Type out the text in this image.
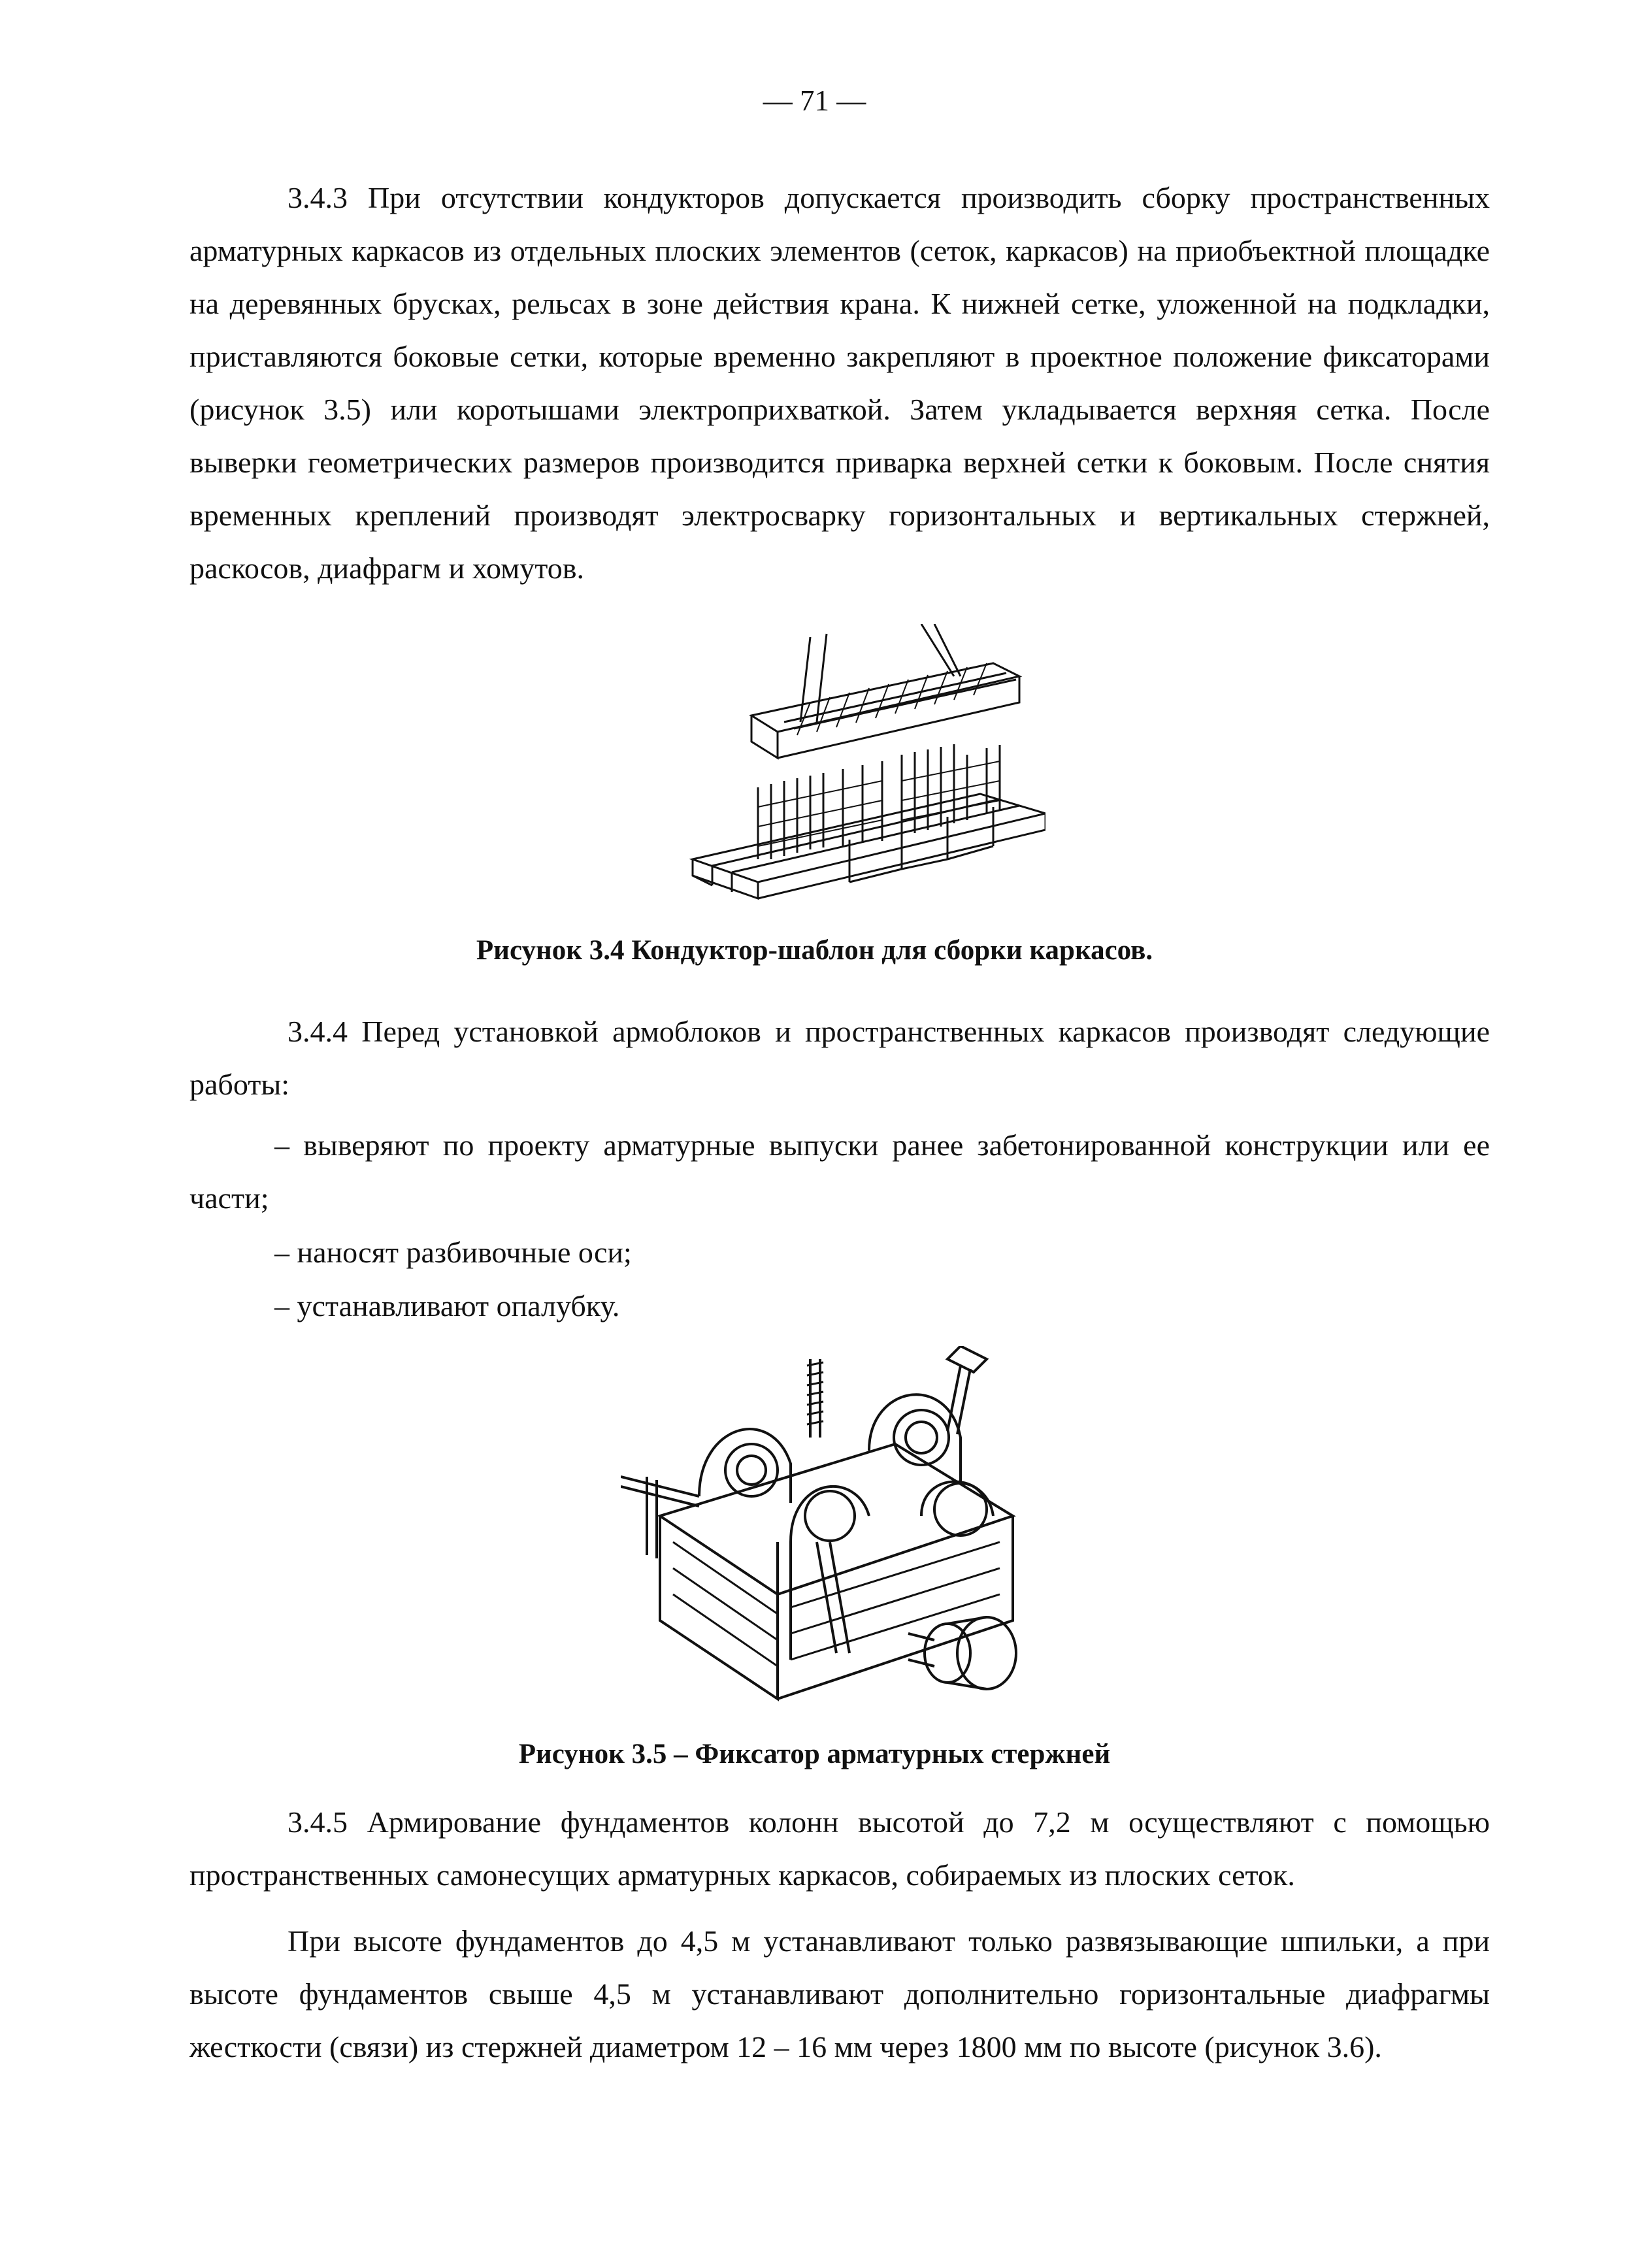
— 71 —

3.4.3 При отсутствии кондукторов допускается производить сборку пространственных арматурных каркасов из отдельных плоских элементов (сеток, каркасов) на приобъектной площадке на деревянных брусках, рельсах в зоне действия крана. К нижней сетке, уложенной на подкладки, приставляются боковые сетки, которые временно закрепляют в проектное положение фиксаторами (рисунок 3.5) или коротышами электроприхваткой. Затем укладывается верхняя сетка. После выверки геометрических размеров производится приварка верхней сетки к боковым. После снятия временных креплений производят электросварку горизонтальных и вертикальных стержней, раскосов, диафрагм и хомутов.

Рисунок 3.4 Кондуктор-шаблон для сборки каркасов.

3.4.4 Перед установкой армоблоков и пространственных каркасов производят следующие работы:

– выверяют по проекту арматурные выпуски ранее забетонированной конструкции или ее части;

– наносят разбивочные оси;

– устанавливают опалубку.

Рисунок 3.5 – Фиксатор арматурных стержней

3.4.5 Армирование фундаментов колонн высотой до 7,2 м осуществляют с помощью пространственных самонесущих арматурных каркасов, собираемых из плоских сеток.

При высоте фундаментов до 4,5 м устанавливают только развязывающие шпильки, а при высоте фундаментов свыше 4,5 м устанавливают дополнительно горизонтальные диафрагмы жесткости (связи) из стержней диаметром 12 – 16 мм через 1800 мм по высоте (рисунок 3.6).
